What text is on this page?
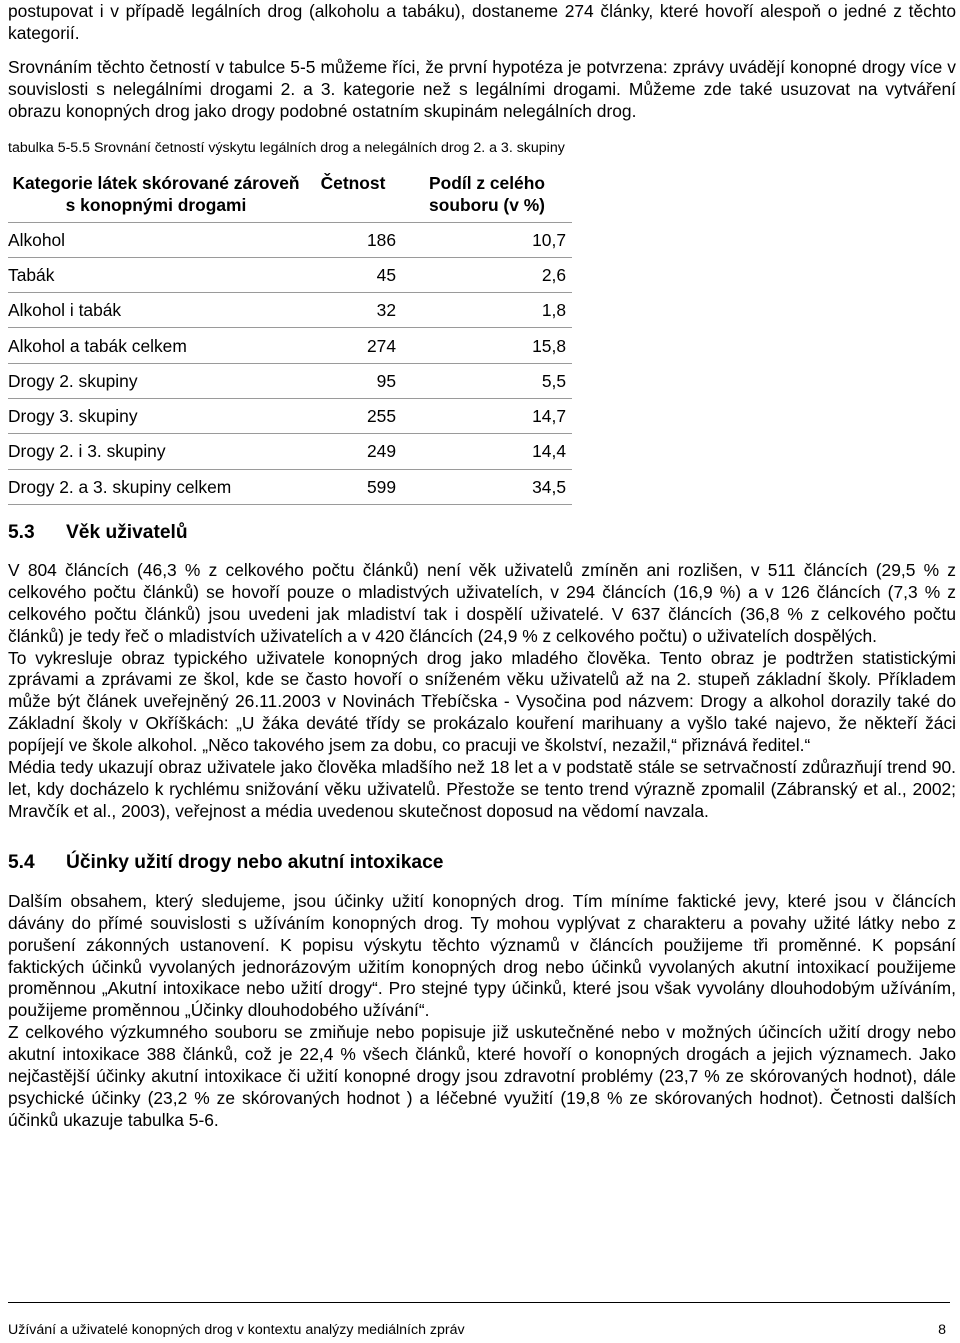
postupovat i v případě legálních drog (alkoholu a tabáku), dostaneme 274 články, které hovoří alespoň o jedné z těchto kategorií.

Srovnáním těchto četností v tabulce 5-5 můžeme říci, že první hypotéza je potvrzena: zprávy uvádějí konopné drogy více v souvislosti s nelegálními drogami 2. a 3. kategorie než s legálními drogami. Můžeme zde také usuzovat na vytváření obrazu konopných drog jako drogy podobné ostatním skupinám nelegálních drog.

tabulka 5-5.5 Srovnání četností výskytu legálních drog a nelegálních drog 2. a 3. skupiny
Kategorie látek skórované zároveň s konopnými drogami	Četnost	Podíl z celého souboru (v %)
Alkohol	186	10,7
Tabák	45	2,6
Alkohol i tabák	32	1,8
Alkohol a tabák celkem	274	15,8
Drogy 2. skupiny	95	5,5
Drogy 3. skupiny	255	14,7
Drogy 2. i 3. skupiny	249	14,4
Drogy 2. a 3. skupiny celkem	599	34,5
5.3 Věk uživatelů

V 804 článcích (46,3 % z celkového počtu článků) není věk uživatelů zmíněn ani rozlišen, v 511 článcích (29,5 % z celkového počtu článků) se hovoří pouze o mladistvých uživatelích, v 294 článcích (16,9 %) a v 126 článcích (7,3 % z celkového počtu článků) jsou uvedeni jak mladiství tak i dospělí uživatelé. V 637 článcích (36,8 % z celkového počtu článků) je tedy řeč o mladistvích uživatelích a v 420 článcích (24,9 % z celkového počtu) o uživatelích dospělých.

To vykresluje obraz typického uživatele konopných drog jako mladého člověka. Tento obraz je podtržen statistickými zprávami a zprávami ze škol, kde se často hovoří o sníženém věku uživatelů až na 2. stupeň základní školy. Příkladem může být článek uveřejněný 26.11.2003 v Novinách Třebíčska - Vysočina pod názvem: Drogy a alkohol dorazily také do Základní školy v Okříškách: „U žáka deváté třídy se prokázalo kouření marihuany a vyšlo také najevo, že někteří žáci popíjejí ve škole alkohol. „Něco takového jsem za dobu, co pracuji ve školství, nezažil,“ přiznává ředitel.“

Média tedy ukazují obraz uživatele jako člověka mladšího než 18 let a v podstatě stále se setrvačností zdůrazňují trend 90. let, kdy docházelo k rychlému snižování věku uživatelů. Přestože se tento trend výrazně zpomalil (Zábranský et al., 2002; Mravčík et al., 2003), veřejnost a média uvedenou skutečnost doposud na vědomí navzala.

5.4 Účinky užití drogy nebo akutní intoxikace

Dalším obsahem, který sledujeme, jsou účinky užití konopných drog. Tím míníme faktické jevy, které jsou v článcích dávány do přímé souvislosti s užíváním konopných drog. Ty mohou vyplývat z charakteru a povahy užité látky nebo z porušení zákonných ustanovení. K popisu výskytu těchto významů v článcích použijeme tři proměnné. K popsání faktických účinků vyvolaných jednorázovým užitím konopných drog nebo účinků vyvolaných akutní intoxikací použijeme proměnnou „Akutní intoxikace nebo užití drogy“. Pro stejné typy účinků, které jsou však vyvolány dlouhodobým užíváním, použijeme proměnnou „Účinky dlouhodobého užívání“.

Z celkového výzkumného souboru se zmiňuje nebo popisuje již uskutečněné nebo v možných účincích užití drogy nebo akutní intoxikace 388 článků, což je 22,4 % všech článků, které hovoří o konopných drogách a jejich významech. Jako nejčastější účinky akutní intoxikace či užití konopné drogy jsou zdravotní problémy (23,7 % ze skórovaných hodnot), dále psychické účinky (23,2 % ze skórovaných hodnot ) a léčebné využití (19,8 % ze skórovaných hodnot). Četnosti dalších účinků ukazuje tabulka 5-6.

Užívání a uživatelé konopných drog v kontextu analýzy mediálních zpráv	8
